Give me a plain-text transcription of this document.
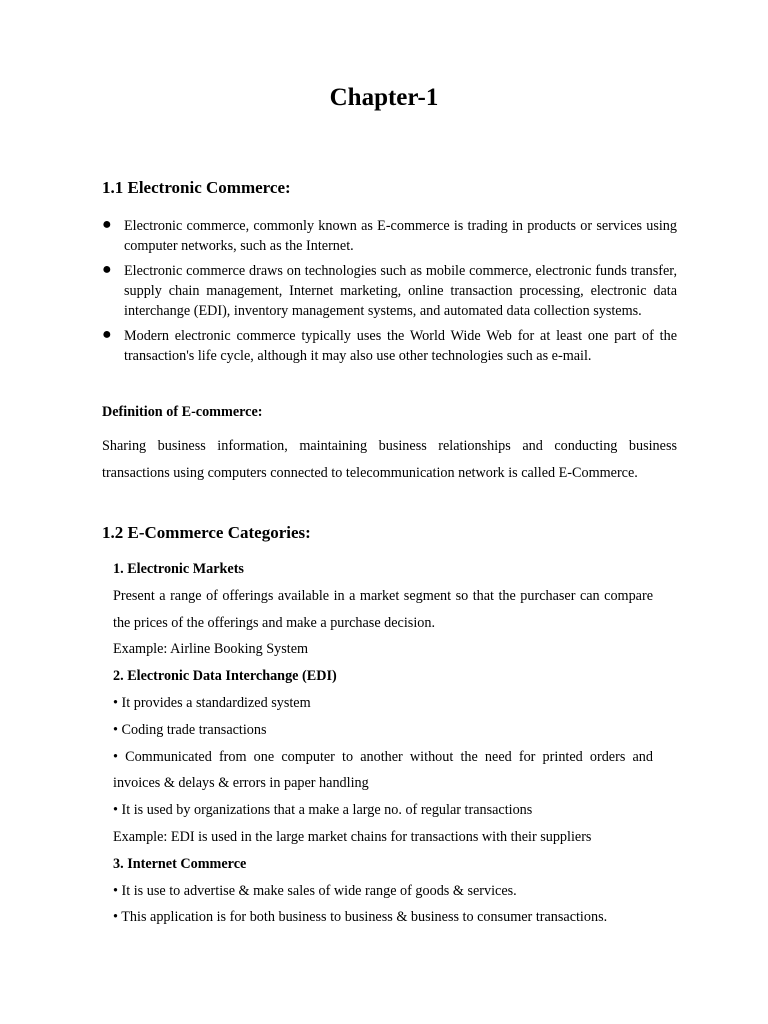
Chapter-1
1.1 Electronic Commerce:
● Electronic commerce, commonly known as E-commerce is trading in products or services using computer networks, such as the Internet.
● Electronic commerce draws on technologies such as mobile commerce, electronic funds transfer, supply chain management, Internet marketing, online transaction processing, electronic data interchange (EDI), inventory management systems, and automated data collection systems.
● Modern electronic commerce typically uses the World Wide Web for at least one part of the transaction's life cycle, although it may also use other technologies such as e-mail.
Definition of E-commerce:

Sharing business information, maintaining business relationships and conducting business transactions using computers connected to telecommunication network is called E-Commerce.

1.2 E-Commerce Categories:

1. Electronic Markets

Present a range of offerings available in a market segment so that the purchaser can compare the prices of the offerings and make a purchase decision.

Example: Airline Booking System

2. Electronic Data Interchange (EDI)

• It provides a standardized system

• Coding trade transactions

• Communicated from one computer to another without the need for printed orders and invoices & delays & errors in paper handling

• It is used by organizations that a make a large no. of regular transactions

Example: EDI is used in the large market chains for transactions with their suppliers

3. Internet Commerce

• It is use to advertise & make sales of wide range of goods & services.

• This application is for both business to business & business to consumer transactions.
